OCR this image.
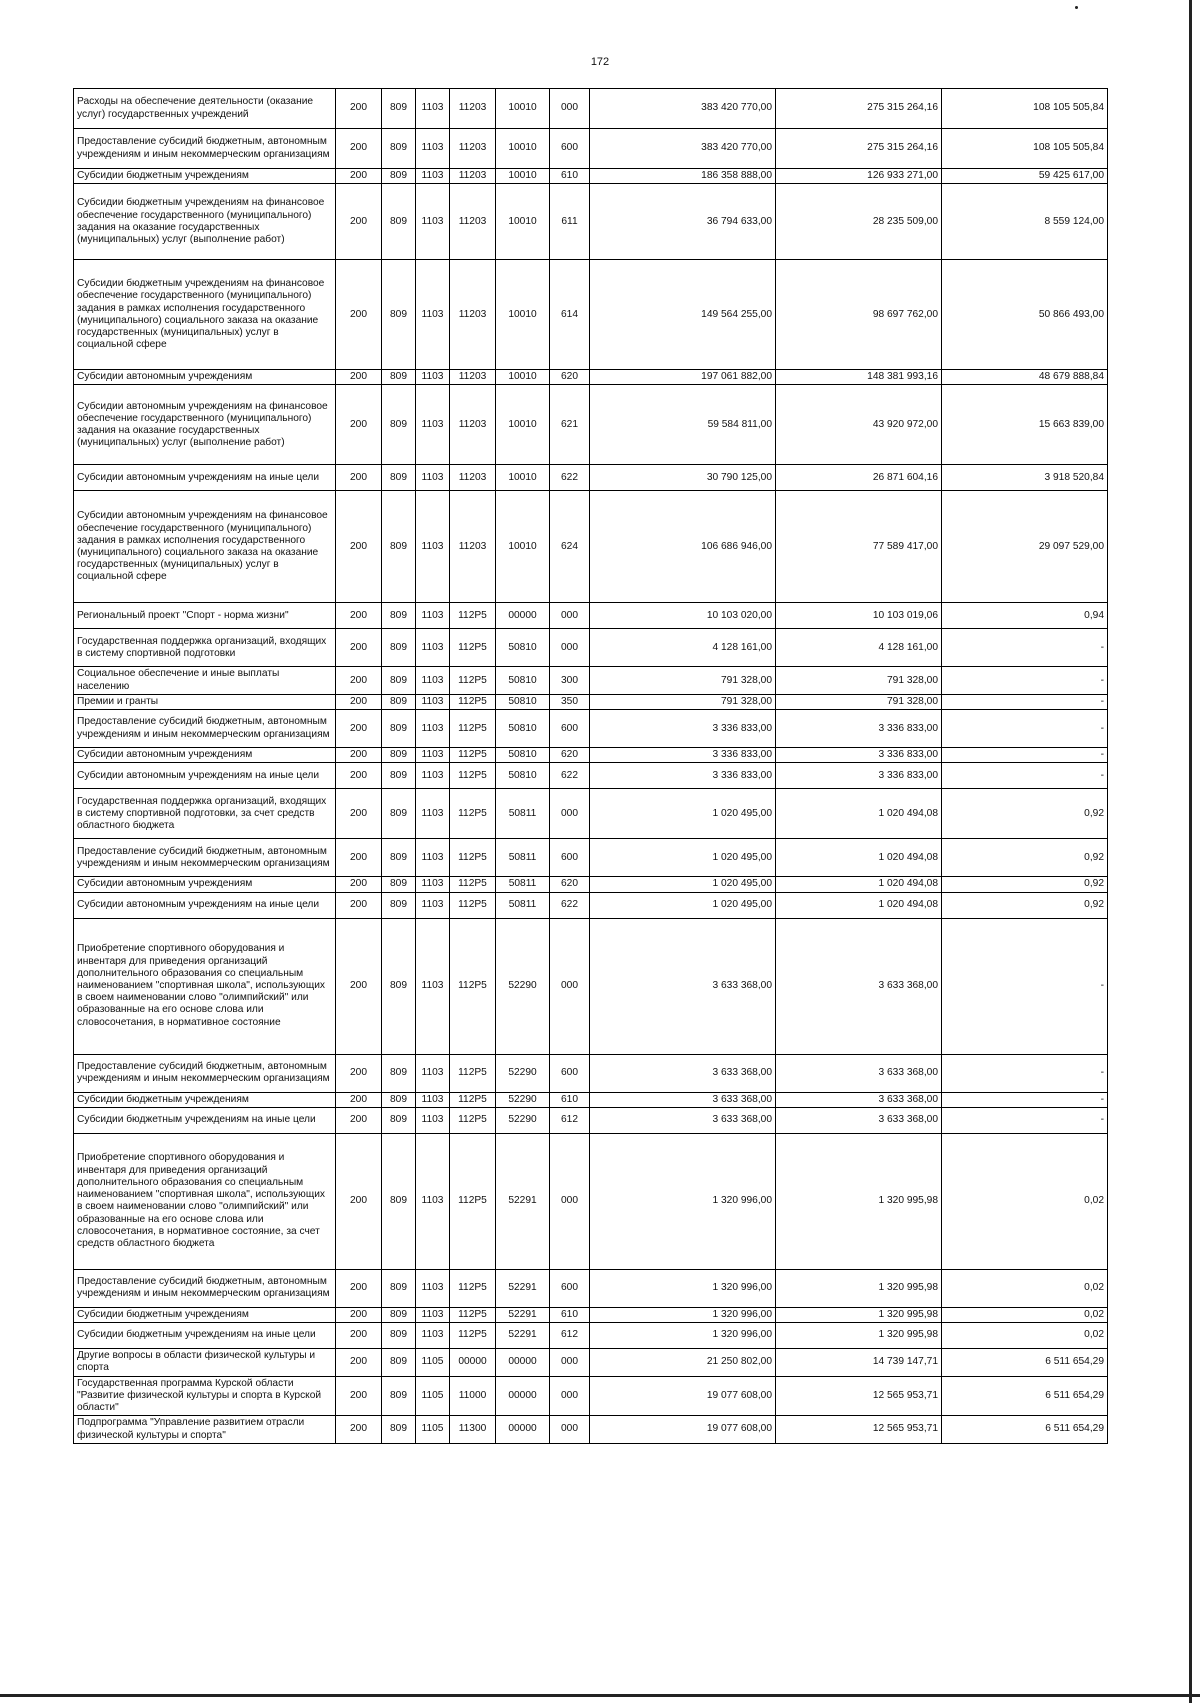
172
Расходы на обеспечение деятельности (оказание услуг) государственных учреждений	200	809	1103	11203	10010	000	383 420 770,00	275 315 264,16	108 105 505,84
Предоставление субсидий бюджетным, автономным учреждениям и иным некоммерческим организациям	200	809	1103	11203	10010	600	383 420 770,00	275 315 264,16	108 105 505,84
Субсидии бюджетным учреждениям	200	809	1103	11203	10010	610	186 358 888,00	126 933 271,00	59 425 617,00
Субсидии бюджетным учреждениям на финансовое обеспечение государственного (муниципального) задания на оказание государственных (муниципальных) услуг (выполнение работ)	200	809	1103	11203	10010	611	36 794 633,00	28 235 509,00	8 559 124,00
Субсидии бюджетным учреждениям на финансовое обеспечение государственного (муниципального) задания в рамках исполнения государственного (муниципального) социального заказа на оказание государственных (муниципальных) услуг в социальной сфере	200	809	1103	11203	10010	614	149 564 255,00	98 697 762,00	50 866 493,00
Субсидии автономным учреждениям	200	809	1103	11203	10010	620	197 061 882,00	148 381 993,16	48 679 888,84
Субсидии автономным учреждениям на финансовое обеспечение государственного (муниципального) задания на оказание государственных (муниципальных) услуг (выполнение работ)	200	809	1103	11203	10010	621	59 584 811,00	43 920 972,00	15 663 839,00
Субсидии автономным учреждениям на иные цели	200	809	1103	11203	10010	622	30 790 125,00	26 871 604,16	3 918 520,84
Субсидии автономным учреждениям на финансовое обеспечение государственного (муниципального) задания в рамках исполнения государственного (муниципального) социального заказа на оказание государственных (муниципальных) услуг в социальной сфере	200	809	1103	11203	10010	624	106 686 946,00	77 589 417,00	29 097 529,00
Региональный проект "Спорт - норма жизни"	200	809	1103	112P5	00000	000	10 103 020,00	10 103 019,06	0,94
Государственная поддержка организаций, входящих в систему спортивной подготовки	200	809	1103	112P5	50810	000	4 128 161,00	4 128 161,00	-
Социальное обеспечение и иные выплаты населению	200	809	1103	112P5	50810	300	791 328,00	791 328,00	-
Премии и гранты	200	809	1103	112P5	50810	350	791 328,00	791 328,00	-
Предоставление субсидий бюджетным, автономным учреждениям и иным некоммерческим организациям	200	809	1103	112P5	50810	600	3 336 833,00	3 336 833,00	-
Субсидии автономным учреждениям	200	809	1103	112P5	50810	620	3 336 833,00	3 336 833,00	-
Субсидии автономным учреждениям на иные цели	200	809	1103	112P5	50810	622	3 336 833,00	3 336 833,00	-
Государственная поддержка организаций, входящих в систему спортивной подготовки, за счет средств областного бюджета	200	809	1103	112P5	50811	000	1 020 495,00	1 020 494,08	0,92
Предоставление субсидий бюджетным, автономным учреждениям и иным некоммерческим организациям	200	809	1103	112P5	50811	600	1 020 495,00	1 020 494,08	0,92
Субсидии автономным учреждениям	200	809	1103	112P5	50811	620	1 020 495,00	1 020 494,08	0,92
Субсидии автономным учреждениям на иные цели	200	809	1103	112P5	50811	622	1 020 495,00	1 020 494,08	0,92
Приобретение спортивного оборудования и инвентаря для приведения организаций дополнительного образования со специальным наименованием "спортивная школа", использующих в своем наименовании слово "олимпийский" или образованные на его основе слова или словосочетания, в нормативное состояние	200	809	1103	112P5	52290	000	3 633 368,00	3 633 368,00	-
Предоставление субсидий бюджетным, автономным учреждениям и иным некоммерческим организациям	200	809	1103	112P5	52290	600	3 633 368,00	3 633 368,00	-
Субсидии бюджетным учреждениям	200	809	1103	112P5	52290	610	3 633 368,00	3 633 368,00	-
Субсидии бюджетным учреждениям на иные цели	200	809	1103	112P5	52290	612	3 633 368,00	3 633 368,00	-
Приобретение спортивного оборудования и инвентаря для приведения организаций дополнительного образования со специальным наименованием "спортивная школа", использующих в своем наименовании слово "олимпийский" или образованные на его основе слова или словосочетания, в нормативное состояние, за счет средств областного бюджета	200	809	1103	112P5	52291	000	1 320 996,00	1 320 995,98	0,02
Предоставление субсидий бюджетным, автономным учреждениям и иным некоммерческим организациям	200	809	1103	112P5	52291	600	1 320 996,00	1 320 995,98	0,02
Субсидии бюджетным учреждениям	200	809	1103	112P5	52291	610	1 320 996,00	1 320 995,98	0,02
Субсидии бюджетным учреждениям на иные цели	200	809	1103	112P5	52291	612	1 320 996,00	1 320 995,98	0,02
Другие вопросы в области физической культуры и спорта	200	809	1105	00000	00000	000	21 250 802,00	14 739 147,71	6 511 654,29
Государственная программа Курской области "Развитие физической культуры и спорта в Курской области"	200	809	1105	11000	00000	000	19 077 608,00	12 565 953,71	6 511 654,29
Подпрограмма "Управление развитием отрасли физической культуры и спорта"	200	809	1105	11300	00000	000	19 077 608,00	12 565 953,71	6 511 654,29
